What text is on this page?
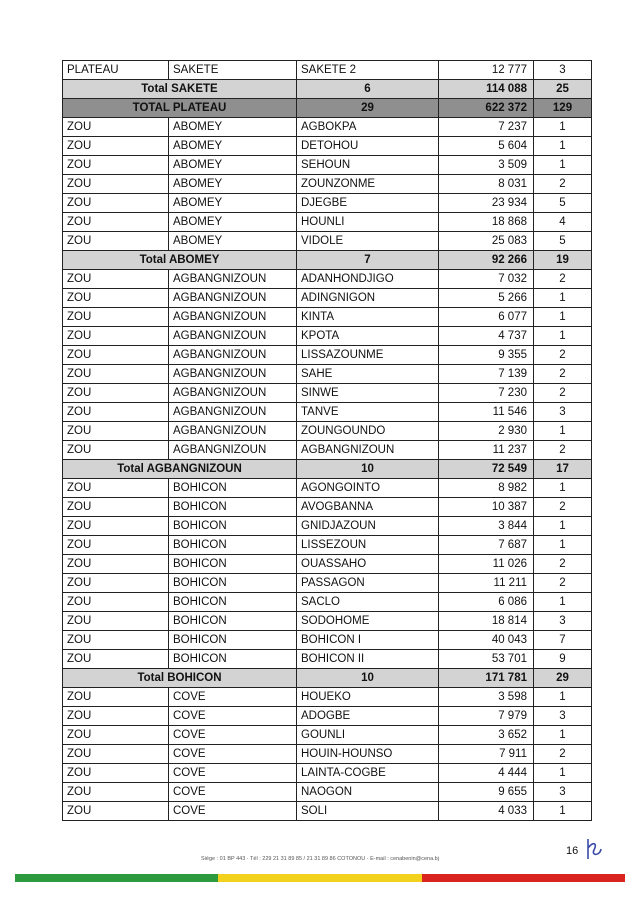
PLATEAU	SAKETE	SAKETE 2	12 777	3
Total SAKETE		6	114 088	25
TOTAL PLATEAU		29	622 372	129
ZOU	ABOMEY	AGBOKPA	7 237	1
ZOU	ABOMEY	DETOHOU	5 604	1
ZOU	ABOMEY	SEHOUN	3 509	1
ZOU	ABOMEY	ZOUNZONME	8 031	2
ZOU	ABOMEY	DJEGBE	23 934	5
ZOU	ABOMEY	HOUNLI	18 868	4
ZOU	ABOMEY	VIDOLE	25 083	5
Total ABOMEY		7	92 266	19
ZOU	AGBANGNIZOUN	ADANHONDJIGO	7 032	2
ZOU	AGBANGNIZOUN	ADINGNIGON	5 266	1
ZOU	AGBANGNIZOUN	KINTA	6 077	1
ZOU	AGBANGNIZOUN	KPOTA	4 737	1
ZOU	AGBANGNIZOUN	LISSAZOUNME	9 355	2
ZOU	AGBANGNIZOUN	SAHE	7 139	2
ZOU	AGBANGNIZOUN	SINWE	7 230	2
ZOU	AGBANGNIZOUN	TANVE	11 546	3
ZOU	AGBANGNIZOUN	ZOUNGOUNDO	2 930	1
ZOU	AGBANGNIZOUN	AGBANGNIZOUN	11 237	2
Total AGBANGNIZOUN		10	72 549	17
ZOU	BOHICON	AGONGOINTO	8 982	1
ZOU	BOHICON	AVOGBANNA	10 387	2
ZOU	BOHICON	GNIDJAZOUN	3 844	1
ZOU	BOHICON	LISSEZOUN	7 687	1
ZOU	BOHICON	OUASSAHO	11 026	2
ZOU	BOHICON	PASSAGON	11 211	2
ZOU	BOHICON	SACLO	6 086	1
ZOU	BOHICON	SODOHOME	18 814	3
ZOU	BOHICON	BOHICON I	40 043	7
ZOU	BOHICON	BOHICON II	53 701	9
Total BOHICON		10	171 781	29
ZOU	COVE	HOUEKO	3 598	1
ZOU	COVE	ADOGBE	7 979	3
ZOU	COVE	GOUNLI	3 652	1
ZOU	COVE	HOUIN-HOUNSO	7 911	2
ZOU	COVE	LAINTA-COGBE	4 444	1
ZOU	COVE	NAOGON	9 655	3
ZOU	COVE	SOLI	4 033	1
16
Siège : 01 BP 443 · Tél : 229 21 31 89 85 / 21 31 89 86 COTONOU · E-mail : cenabenin@cena.bj
